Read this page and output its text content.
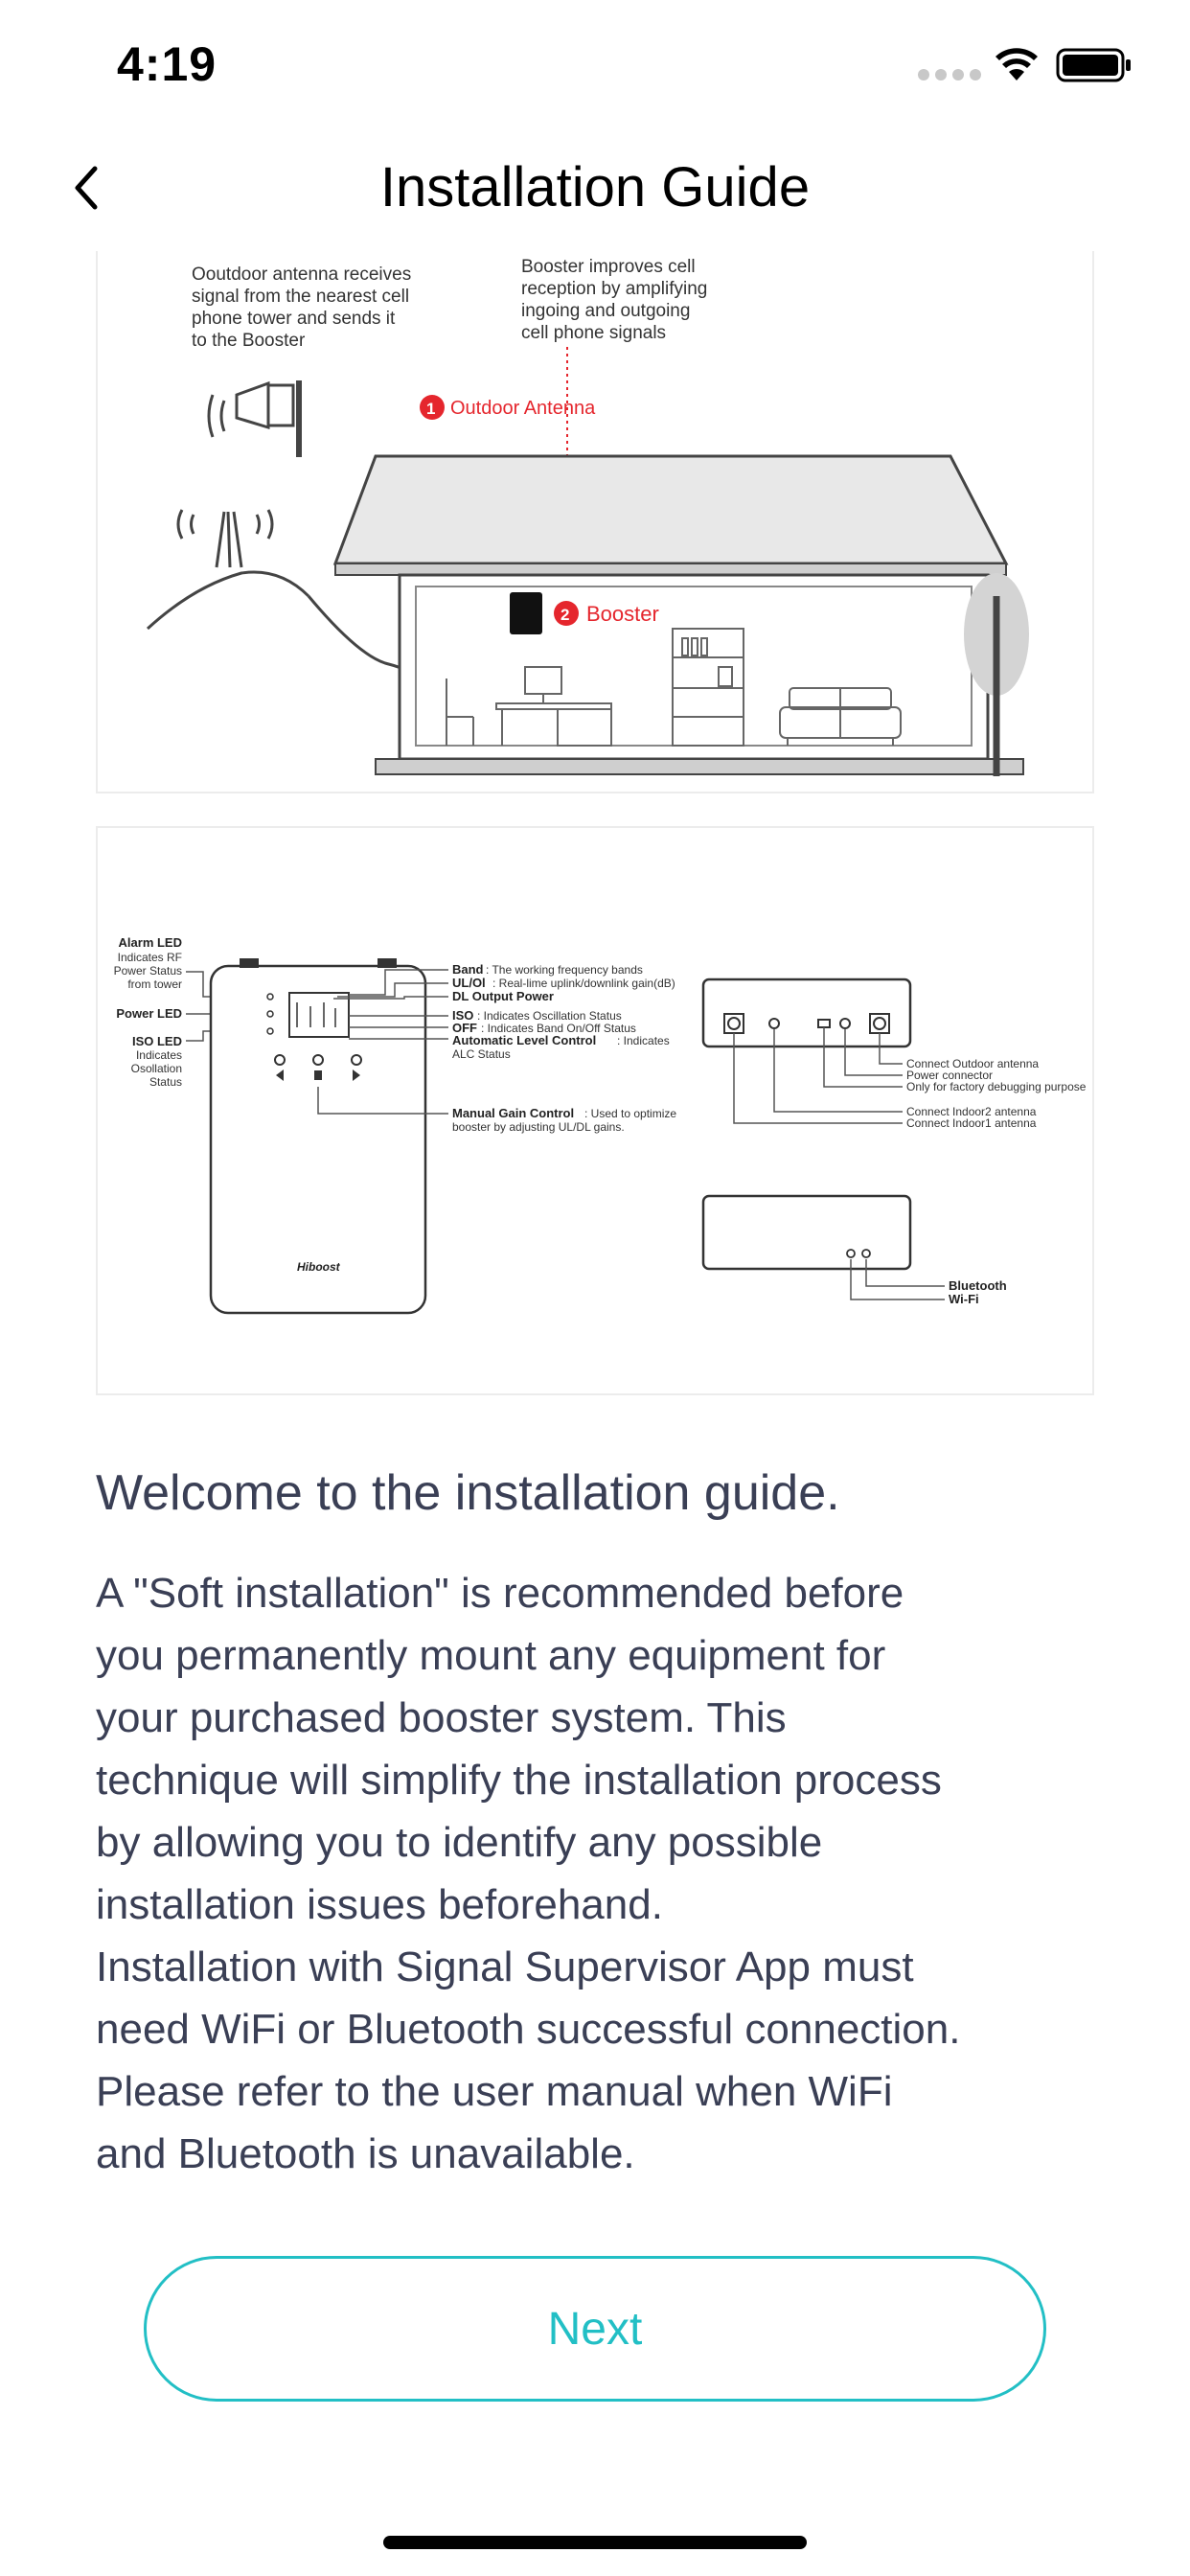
4:19
Installation Guide
Ooutdoor antenna receives
signal from the nearest cell
phone tower and sends it
to the Booster
Booster improves cell
reception by amplifying
ingoing and outgoing
cell phone signals
1 Outdoor Antenna
2 Booster
Alarm LED
Indicates RF
Power Status
from tower
Power LED
ISO LED
Indicates
Osollation
Status
Hiboost
Band : The working frequency bands
UL/Ol : Real-lime uplink/downlink gain(dB)
DL Output Power
ISO : Indicates Oscillation Status
OFF : Indicates Band On/Off Status
Automatic Level Control : Indicates
ALC Status
Manual Gain Control : Used to optimize
booster by adjusting UL/DL gains.
Connect Outdoor antenna
Power connector
Only for factory debugging purpose
Connect Indoor2 antenna
Connect Indoor1 antenna
Bluetooth
Wi-Fi
Welcome to the installation guide.
A "Soft installation" is recommended before
you permanently mount any equipment for
your purchased booster system. This
technique will simplify the installation process
by allowing you to identify any possible
installation issues beforehand.
Installation with Signal Supervisor App must
need WiFi or Bluetooth successful connection.
Please refer to the user manual when WiFi
and Bluetooth is unavailable.
Next
